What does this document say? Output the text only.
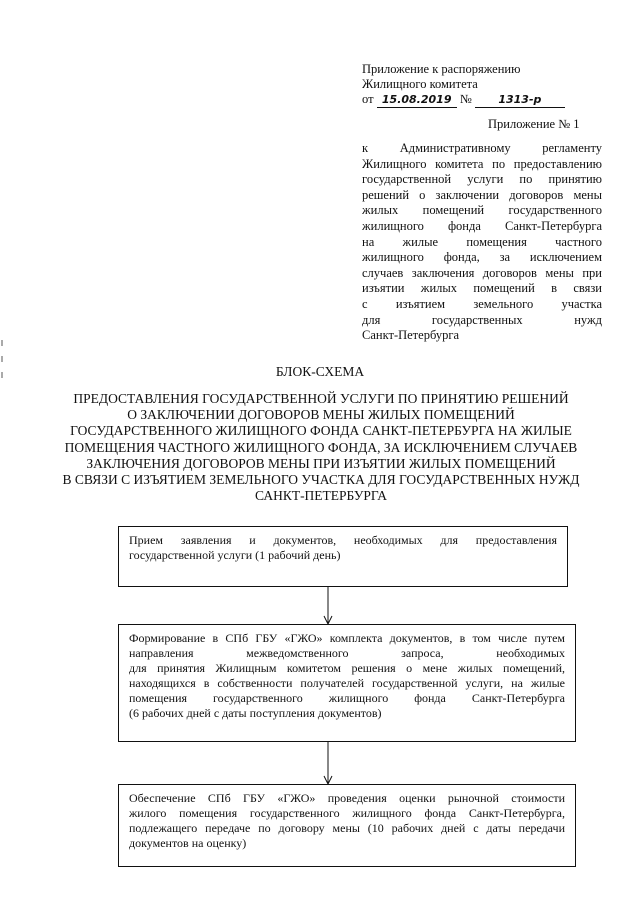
Приложение к распоряжению
Жилищного комитета
от 15.08.2019 № 1313-р
Приложение № 1
к Административному регламенту
Жилищного комитета по предоставлению
государственной услуги по принятию
решений о заключении договоров мены
жилых помещений государственного
жилищного фонда Санкт-Петербурга
на жилые помещения частного
жилищного фонда, за исключением
случаев заключения договоров мены при
изъятии жилых помещений в связи
с изъятием земельного участка
для государственных нужд
Санкт-Петербурга
БЛОК-СХЕМА
ПРЕДОСТАВЛЕНИЯ ГОСУДАРСТВЕННОЙ УСЛУГИ ПО ПРИНЯТИЮ РЕШЕНИЙ
О ЗАКЛЮЧЕНИИ ДОГОВОРОВ МЕНЫ ЖИЛЫХ ПОМЕЩЕНИЙ
ГОСУДАРСТВЕННОГО ЖИЛИЩНОГО ФОНДА САНКТ-ПЕТЕРБУРГА НА ЖИЛЫЕ
ПОМЕЩЕНИЯ ЧАСТНОГО ЖИЛИЩНОГО ФОНДА, ЗА ИСКЛЮЧЕНИЕМ СЛУЧАЕВ
ЗАКЛЮЧЕНИЯ ДОГОВОРОВ МЕНЫ ПРИ ИЗЪЯТИИ ЖИЛЫХ ПОМЕЩЕНИЙ
В СВЯЗИ С ИЗЪЯТИЕМ ЗЕМЕЛЬНОГО УЧАСТКА ДЛЯ ГОСУДАРСТВЕННЫХ НУЖД
САНКТ-ПЕТЕРБУРГА
Прием заявления и документов, необходимых для предоставления
государственной услуги (1 рабочий день)
Формирование в СПб ГБУ «ГЖО» комплекта документов, в том числе путем
направления межведомственного запроса, необходимых
для принятия Жилищным комитетом решения о мене жилых помещений,
находящихся в собственности получателей государственной услуги, на жилые
помещения государственного жилищного фонда Санкт-Петербурга
(6 рабочих дней с даты поступления документов)
Обеспечение СПб ГБУ «ГЖО» проведения оценки рыночной стоимости
жилого помещения государственного жилищного фонда Санкт-Петербурга,
подлежащего передаче по договору мены (10 рабочих дней с даты передачи
документов на оценку)
